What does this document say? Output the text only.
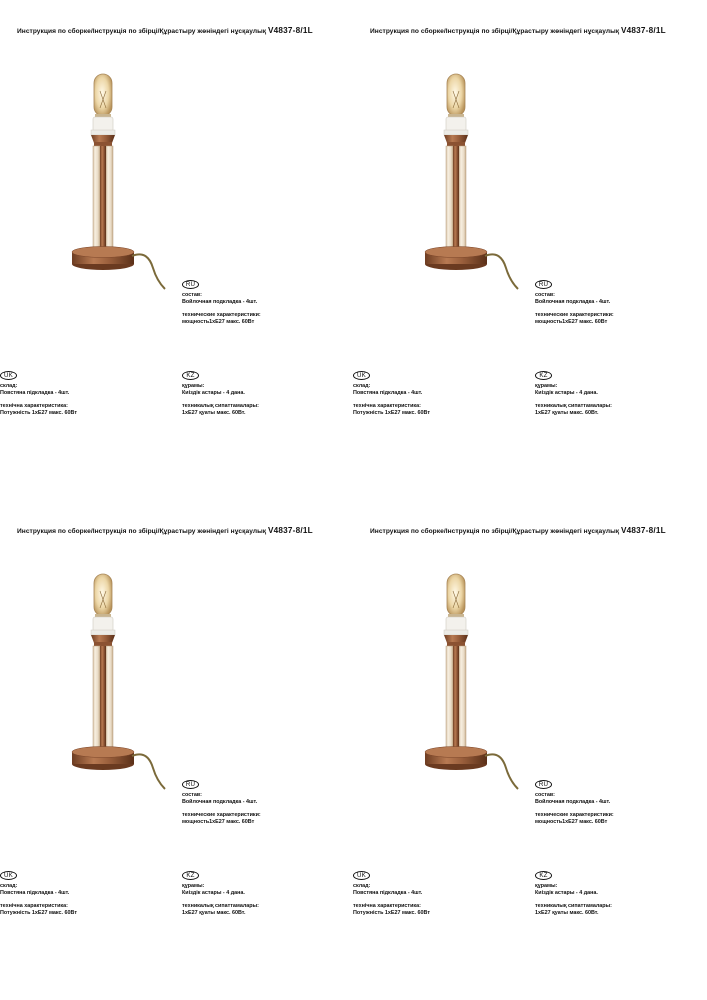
Инструкция по сборке/Інструкція по збірці/Құрастыру жөніндегі нұсқаулық V4837-8/1L
RU

состав:

Войлочная подкладка - 4шт.

технические характеристики:

мощность1хЕ27 макс. 60Вт

UK

склад:

Повстяна підкладка - 4шт.

технічна характеристика:

Потужність 1хЕ27 макс. 60Вт

KZ

құрамы:

Киіздік астары - 4 дана.

техникалық сипаттамалары:

1хЕ27 қуаты макс. 60Вт.

Инструкция по сборке/Інструкція по збірці/Құрастыру жөніндегі нұсқаулық V4837-8/1L
RU

состав:

Войлочная подкладка - 4шт.

технические характеристики:

мощность1хЕ27 макс. 60Вт

UK

склад:

Повстяна підкладка - 4шт.

технічна характеристика:

Потужність 1хЕ27 макс. 60Вт

KZ

құрамы:

Киіздік астары - 4 дана.

техникалық сипаттамалары:

1хЕ27 қуаты макс. 60Вт.

Инструкция по сборке/Інструкція по збірці/Құрастыру жөніндегі нұсқаулық V4837-8/1L
RU

состав:

Войлочная подкладка - 4шт.

технические характеристики:

мощность1хЕ27 макс. 60Вт

UK

склад:

Повстяна підкладка - 4шт.

технічна характеристика:

Потужність 1хЕ27 макс. 60Вт

KZ

құрамы:

Киіздік астары - 4 дана.

техникалық сипаттамалары:

1хЕ27 қуаты макс. 60Вт.

Инструкция по сборке/Інструкція по збірці/Құрастыру жөніндегі нұсқаулық V4837-8/1L
RU

состав:

Войлочная подкладка - 4шт.

технические характеристики:

мощность1хЕ27 макс. 60Вт

UK

склад:

Повстяна підкладка - 4шт.

технічна характеристика:

Потужність 1хЕ27 макс. 60Вт

KZ

құрамы:

Киіздік астары - 4 дана.

техникалық сипаттамалары:

1хЕ27 қуаты макс. 60Вт.
